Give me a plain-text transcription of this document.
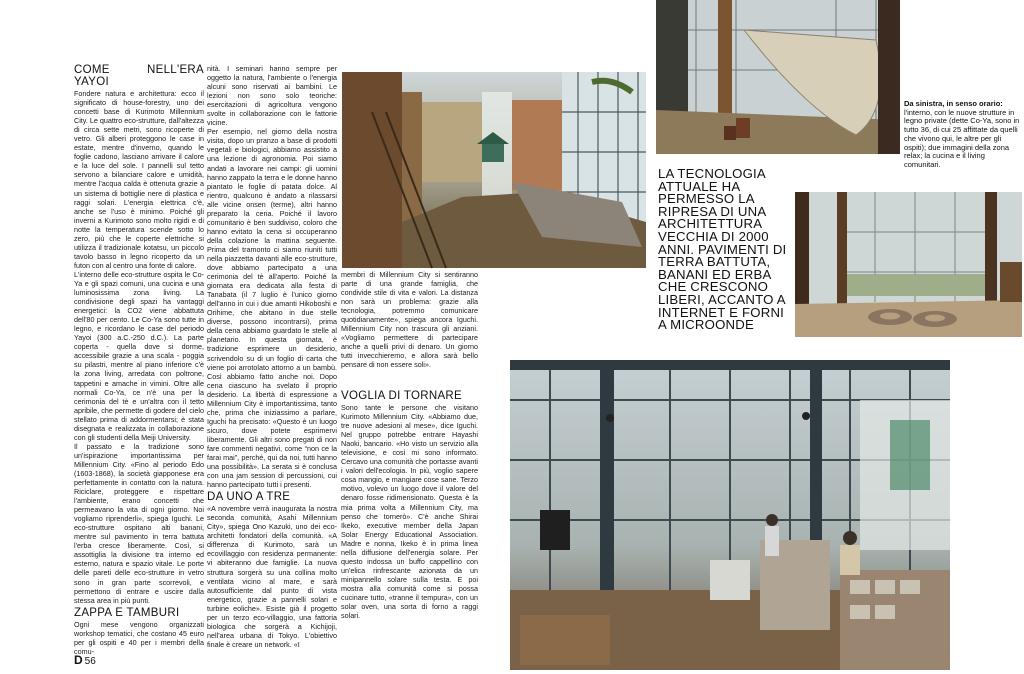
COME NELL'ERA YAYOI

Fondere natura e architettura: ecco il significato di house-forestry, uno dei concetti base di Kurimoto Millennium City. Le quattro eco-strutture, dall'altezza di circa sette metri, sono ricoperte di vetro. Gli alberi proteggono le case in estate, mentre d'inverno, quando le foglie cadono, lasciano arrivare il calore e la luce del sole. I pannelli sul tetto servono a bilanciare calore e umidità, mentre l'acqua calda è ottenuta grazie a un sistema di bottiglie nere di plastica e raggi solari. L'energia elettrica c'è, anche se l'uso è minimo. Poiché gli inverni a Kurimoto sono molto rigidi e di notte la temperatura scende sotto lo zero, più che le coperte elettriche si utilizza il tradizionale kotatsu, un piccolo tavolo basso in legno ricoperto da un futon con al centro una fonte di calore.

L'interno delle eco-strutture ospita le Co-Ya e gli spazi comuni, una cucina e una luminosissima zona living. La condivisione degli spazi ha vantaggi energetici: la CO2 viene abbattuta dell'80 per cento. Le Co-Ya sono tutte in legno, e ricordano le case del periodo Yayoi (300 a.C.-250 d.C.). La parte coperta - quella dove si dorme, accessibile grazie a una scala - poggia su pilastri, mentre al piano inferiore c'è la zona living, arredata con poltrone, tappetini e amache in vimini. Oltre alle normali Co-Ya, ce n'è una per la cerimonia del tè e un'altra con il tetto apribile, che permette di godere del cielo stellato prima di addormentarsi; è stata disegnata e realizzata in collaborazione con gli studenti della Meiji University.

Il passato e la tradizione sono un'ispirazione importantissima per Millennium City. «Fino al periodo Edo (1603-1868), la società giapponese era perfettamente in contatto con la natura. Riciclare, proteggere e rispettare l'ambiente, erano concetti che permeavano la vita di ogni giorno. Noi vogliamo riprenderli», spiega Iguchi. Le eco-strutture ospitano alti banani, mentre sul pavimento in terra battuta l'erba cresce liberamente. Così, si assottiglia la divisione tra interno ed esterno, natura e spazio vitale. Le porte delle pareti delle eco-strutture in vetro sono in gran parte scorrevoli, e permettono di entrare e uscire dalla stessa area in più punti.

ZAPPA E TAMBURI

Ogni mese vengono organizzati workshop tematici, che costano 45 euro per gli ospiti e 40 per i membri della comu-

nità. I seminari hanno sempre per oggetto la natura, l'ambiente o l'energia alcuni sono riservati ai bambini. Le lezioni non sono solo teoriche: esercitazioni di agricoltura vengono svolte in collaborazione con le fattorie vicine.

Per esempio, nel giorno della nostra visita, dopo un pranzo a base di prodotti vegetali e biologici, abbiamo assistito a una lezione di agronomia. Poi siamo andati a lavorare nei campi: gli uomini hanno zappato la terra e le donne hanno piantato le foglie di patata dolce. Al rientro, qualcuno è andato a rilassarsi alle vicine onsen (terme), altri hanno preparato la cena. Poiché il lavoro comunitario è ben suddiviso, coloro che hanno evitato la cena si occuperanno della colazione la mattina seguente. Prima del tramonto ci siamo riuniti tutti nella piazzetta davanti alle eco-strutture, dove abbiamo partecipato a una cerimonia del tè all'aperto. Poiché la giornata era dedicata alla festa di Tanabata (il 7 luglio è l'unico giorno dell'anno in cui i due amanti Hikoboshi e Orihime, che abitano in due stelle diverse, possono incontrarsi), prima della cena abbiamo guardato le stelle al planetario. In questa giornata, è tradizione esprimere un desiderio, scrivendolo su di un foglio di carta che viene poi arrotolato attorno a un bambù. Così abbiamo fatto anche noi. Dopo cena ciascuno ha svelato il proprio desiderio. La libertà di espressione a Millennium City è importantissima, tanto che, prima che iniziassimo a parlare, Iguchi ha precisato: «Questo è un luogo sicuro, dove potete esprimervi liberamente. Gli altri sono pregati di non fare commenti negativi, come “non ce la farai mai”, perché, qui da noi, tutti hanno una possibilità». La serata si è conclusa con una jam session di percussioni, cui hanno partecipato tutti i presenti.

DA UNO A TRE

«A novembre verrà inaugurata la nostra seconda comunità, Asahi Millennium City», spiega Ono Kazuki, uno dei eco-architetti fondatori della comunità. «A differenza di Kurimoto, sarà un ecovillaggio con residenza permanente: vi abiteranno due famiglie. La nuova struttura sorgerà su una collina molto ventilata vicino al mare, e sarà autosufficiente dal punto di vista energetico, grazie a pannelli solari e turbine eoliche». Esiste già il progetto per un terzo eco-villaggio, una fattoria biologica che sorgerà a Kichijoji, nell'area urbana di Tokyo. L'obiettivo finale è creare un network. «I

membri di Millennium City si sentiranno parte di una grande famiglia, che condivide stile di vita e valori. La distanza non sarà un problema: grazie alla tecnologia, potremmo comunicare quotidianamente», spiega ancora Iguchi. Millennium City non trascura gli anziani. «Vogliamo permettere di partecipare anche a quelli privi di denaro. Un giorno tutti invecchieremo, e allora sarà bello pensare di non essere soli».

VOGLIA DI TORNARE

Sono tante le persone che visitano Kurimoto Millennium City. «Abbiamo due, tre nuove adesioni al mese», dice Iguchi. Nel gruppo potrebbe entrare Hayashi Naoki, bancario. «Ho visto un servizio alla televisione, e così mi sono informato. Cercavo una comunità che portasse avanti i valori dell'ecologia. In più, voglio sapere cosa mangio, e mangiare cose sane. Terzo motivo, volevo un luogo dove il valore del denaro fosse ridimensionato. Questa è la mia prima volta a Millennium City, ma penso che tornerò». C'è anche Shirai Ikeko, executive member della Japan Solar Energy Educational Association. Madre e nonna, Ikeko è in prima linea nella diffusione dell'energia solare. Per questo indossa un buffo cappellino con un'elica rinfrescante azionata da un minipannello solare sulla testa. E poi mostra alla comunità come si possa cucinare tutto, «tranne il tempura», con un solar oven, una sorta di forno a raggi solari.

LA TECNOLOGIA ATTUALE HA PERMESSO LA RIPRESA DI UNA ARCHITETTURA VECCHIA DI 2000 ANNI. PAVIMENTI DI TERRA BATTUTA, BANANI ED ERBA CHE CRESCONO LIBERI, ACCANTO A INTERNET E FORNI A MICROONDE
Da sinistra, in senso orario: l'interno, con le nuove strutture in legno private (dette Co-Ya, sono in tutto 36, di cui 25 affittate da quelli che vivono qui, le altre per gli ospiti); due immagini della zona relax; la cucina e il living comunitari.
D 56
